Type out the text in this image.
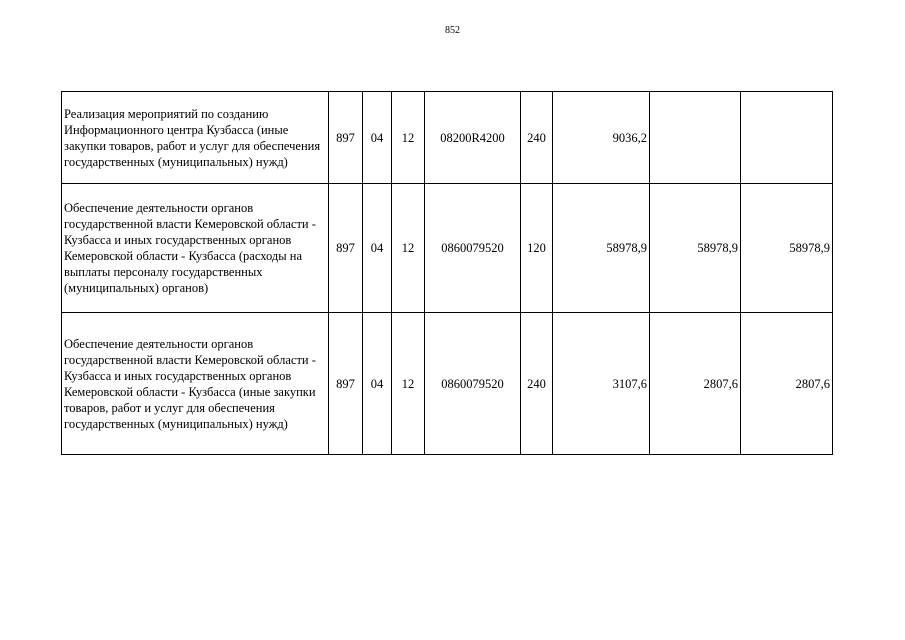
852
Реализация мероприятий по созданию Информационного центра Кузбасса (иные закупки товаров, работ и услуг для обеспечения государственных (муниципальных) нужд)	897	04	12	08200R4200	240	9036,2		
Обеспечение деятельности органов государственной власти Кемеровской области - Кузбасса и иных государственных органов Кемеровской области - Кузбасса (расходы на выплаты персоналу государственных (муниципальных) органов)	897	04	12	0860079520	120	58978,9	58978,9	58978,9
Обеспечение деятельности органов государственной власти Кемеровской области - Кузбасса и иных государственных органов Кемеровской области - Кузбасса (иные закупки товаров, работ и услуг для обеспечения государственных (муниципальных) нужд)	897	04	12	0860079520	240	3107,6	2807,6	2807,6
